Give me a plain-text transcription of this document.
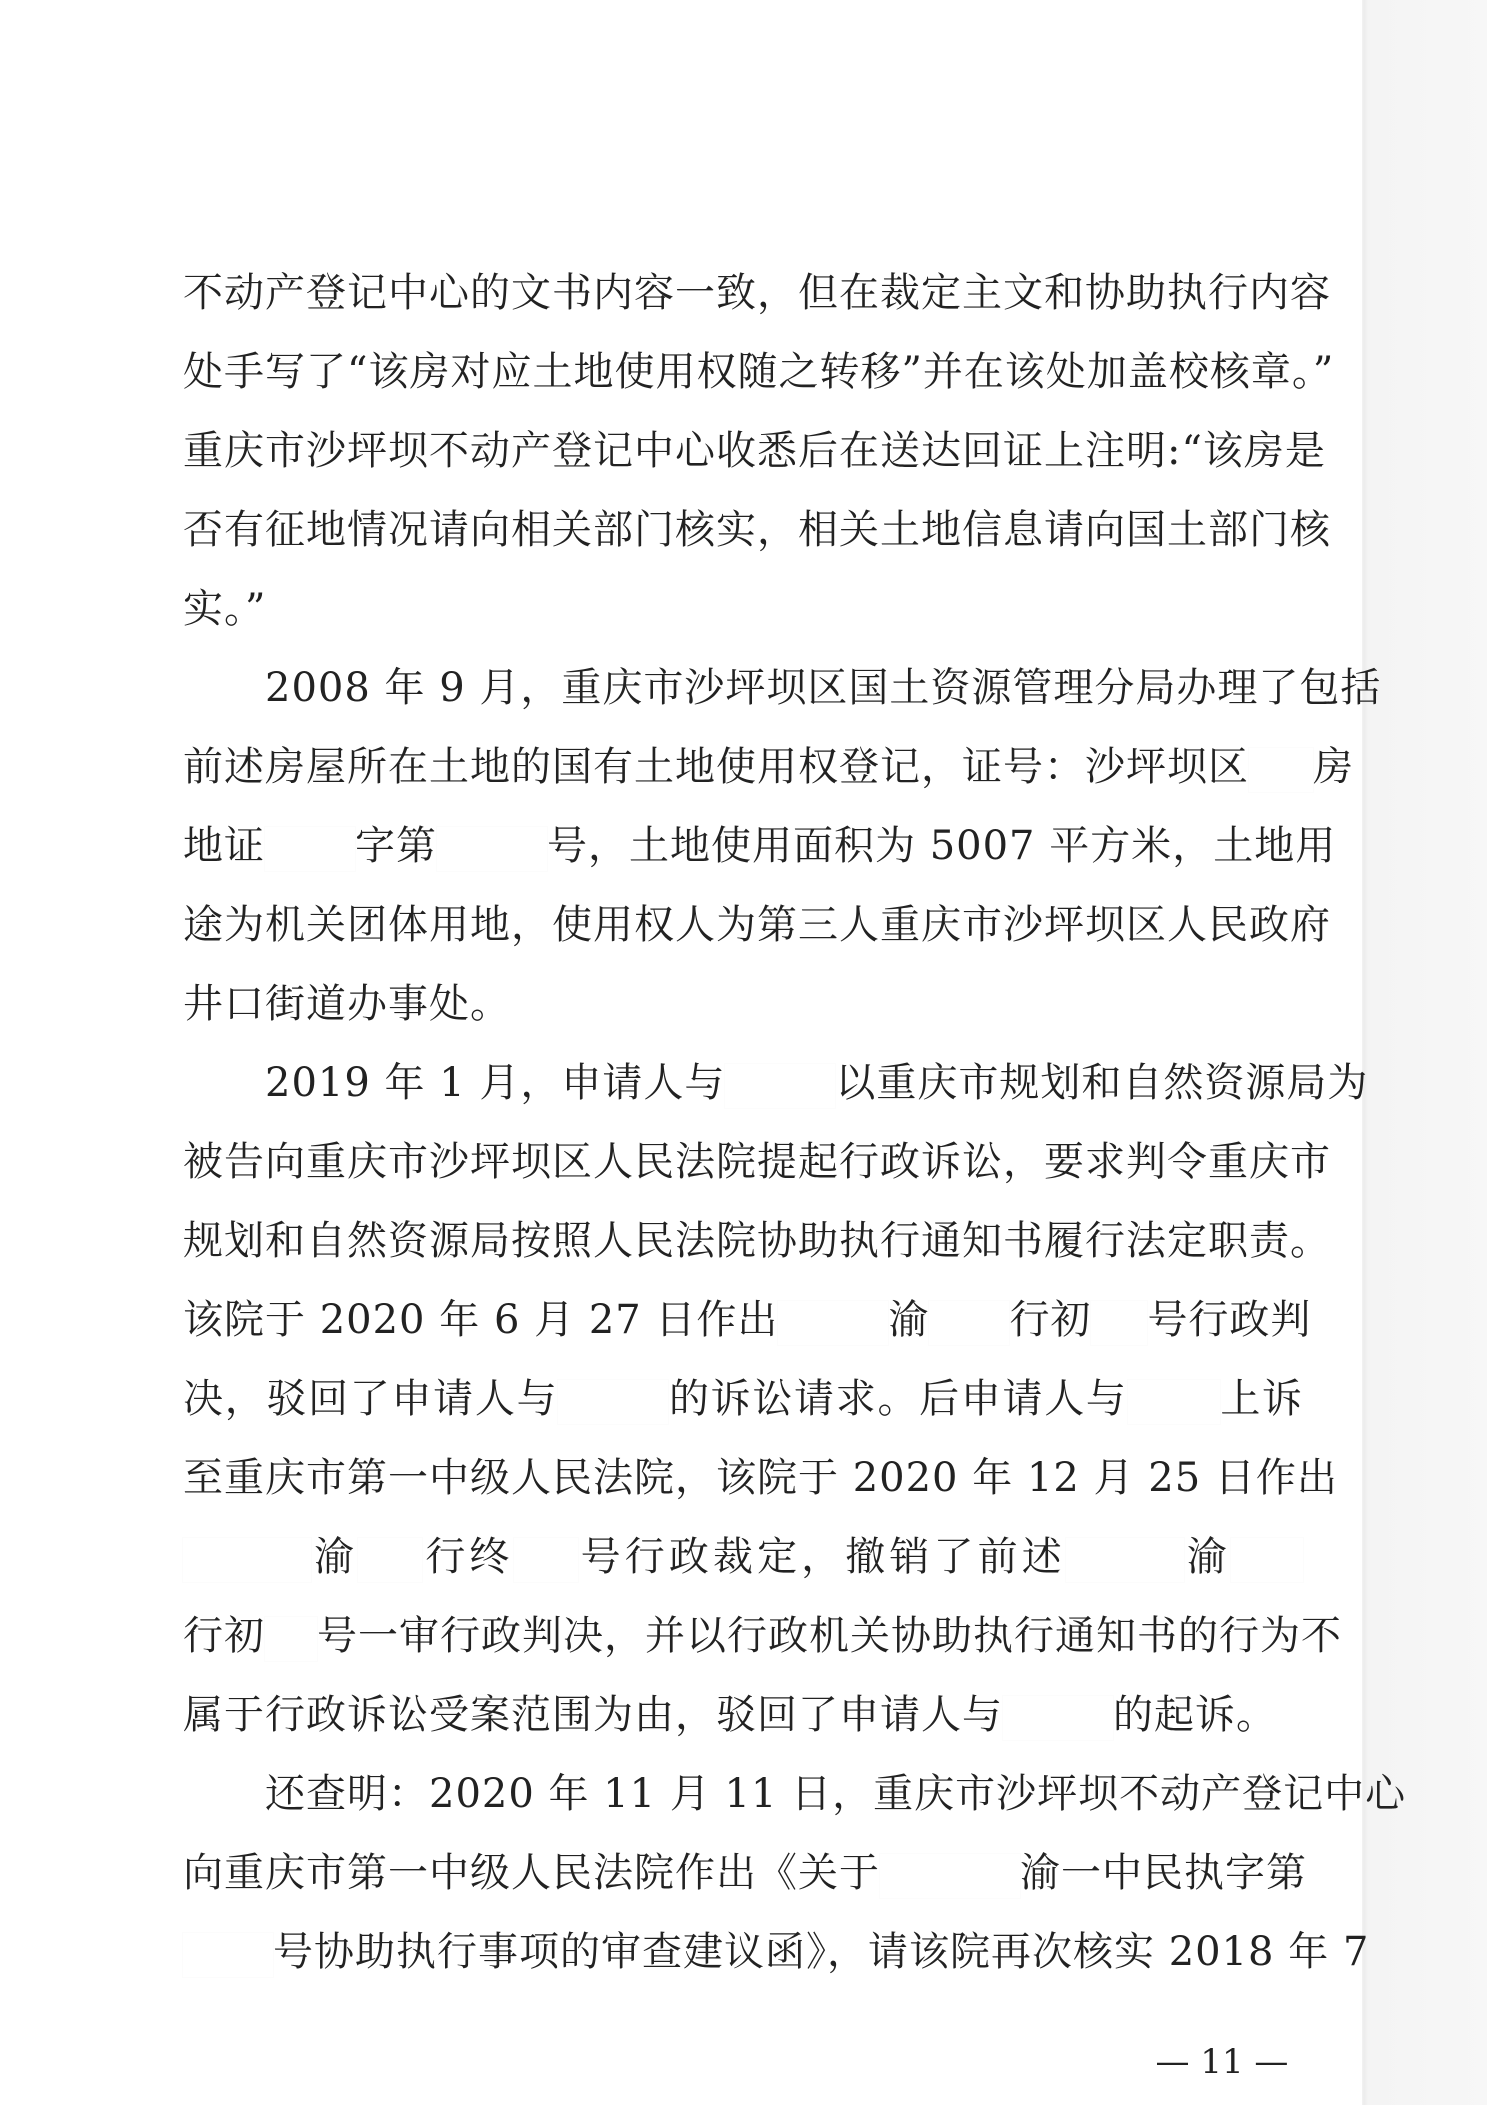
不动产登记中心的文书内容一致，但在裁定主文和协助执行内容
处手写了“该房对应土地使用权随之转移”并在该处加盖校核章。”
重庆市沙坪坝不动产登记中心收悉后在送达回证上注明:“该房是
否有征地情况请向相关部门核实，相关土地信息请向国土部门核
实。”
2008 年 9 月，重庆市沙坪坝区国土资源管理分局办理了包括
前述房屋所在土地的国有土地使用权登记，证号：沙坪坝区 房
地证 字第	号，土地使用面积为 5007 平方米，土地用
途为机关团体用地，使用权人为第三人重庆市沙坪坝区人民政府
井口街道办事处。
2019 年 1 月，申请人与	以重庆市规划和自然资源局为
被告向重庆市沙坪坝区人民法院提起行政诉讼，要求判令重庆市
规划和自然资源局按照人民法院协助执行通知书履行法定职责。
该院于 2020 年 6 月 27 日作出	渝 行初 号行政判
决，驳回了申请人与	的诉讼请求。后申请人与 上诉
至重庆市第一中级人民法院，该院于 2020 年 12 月 25 日作出
渝 行终 号行政裁定，撤销了前述	渝
行初 号一审行政判决，并以行政机关协助执行通知书的行为不
属于行政诉讼受案范围为由，驳回了申请人与	的起诉。
还查明：2020 年 11 月 11 日，重庆市沙坪坝不动产登记中心
向重庆市第一中级人民法院作出《关于	渝一中民执字第
号协助执行事项的审查建议函》，请该院再次核实 2018 年 7
— 11 —
